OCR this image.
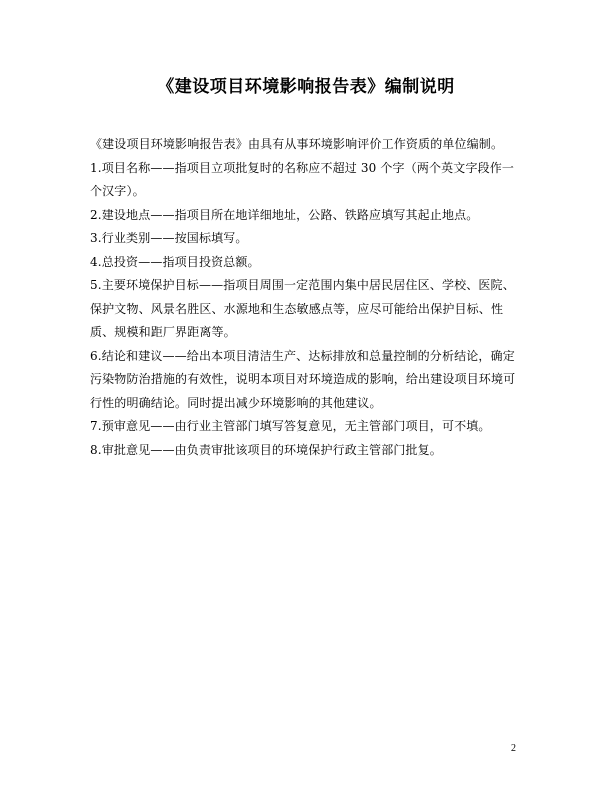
《建设项目环境影响报告表》编制说明

《建设项目环境影响报告表》由具有从事环境影响评价工作资质的单位编制。

1.项目名称——指项目立项批复时的名称应不超过 30 个字（两个英文字段作一个汉字）。

2.建设地点——指项目所在地详细地址，公路、铁路应填写其起止地点。

3.行业类别——按国标填写。

4.总投资——指项目投资总额。

5.主要环境保护目标——指项目周围一定范围内集中居民居住区、学校、医院、保护文物、风景名胜区、水源地和生态敏感点等，应尽可能给出保护目标、性质、规模和距厂界距离等。

6.结论和建议——给出本项目清洁生产、达标排放和总量控制的分析结论，确定污染物防治措施的有效性，说明本项目对环境造成的影响，给出建设项目环境可行性的明确结论。同时提出减少环境影响的其他建议。

7.预审意见——由行业主管部门填写答复意见，无主管部门项目，可不填。

8.审批意见——由负责审批该项目的环境保护行政主管部门批复。

2
